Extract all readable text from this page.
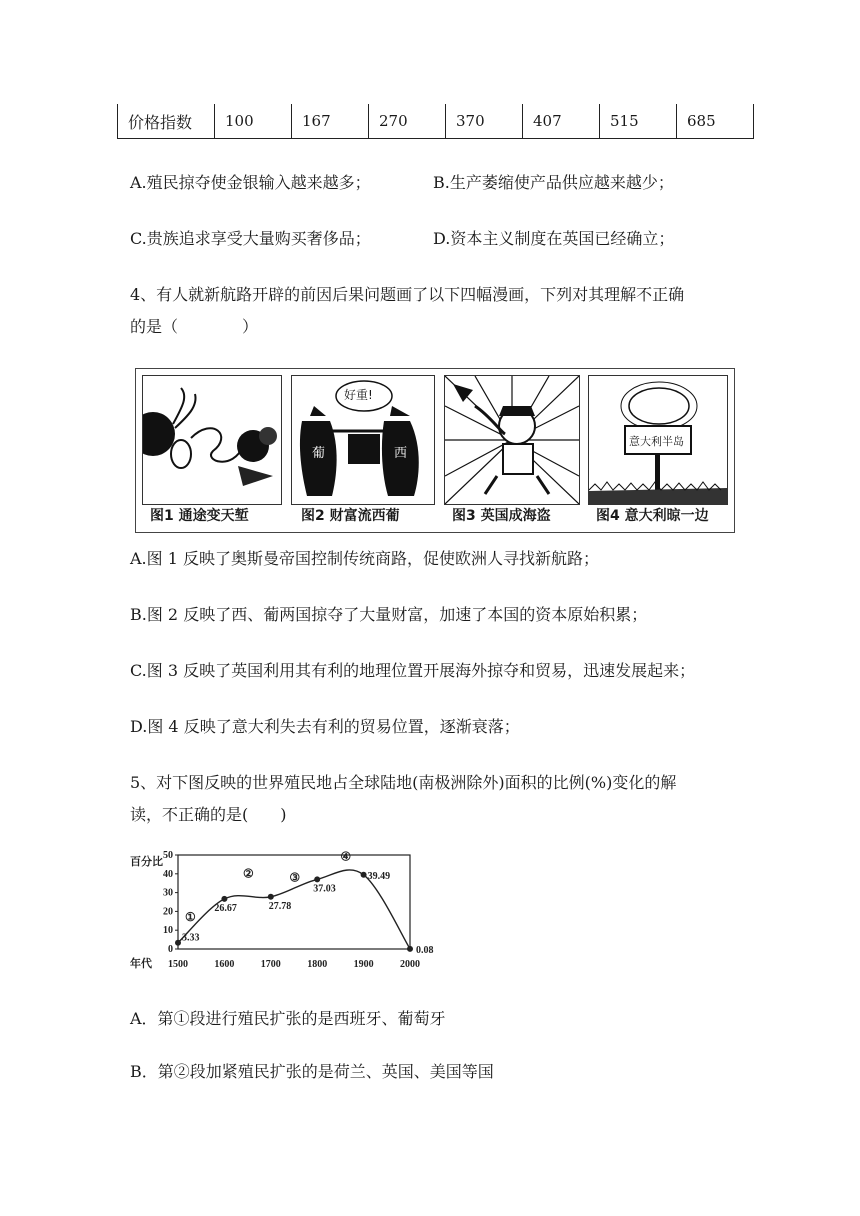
价格指数	100	167	270	370	407	515	685
A.殖民掠夺使金银输入越来越多；	B.生产萎缩使产品供应越来越少；
C.贵族追求享受大量购买奢侈品；	D.资本主义制度在英国已经确立；
4、有人就新航路开辟的前因后果问题画了以下四幅漫画，下列对其理解不正确
的是（　　　　）
图1 通途变天堑
好重!
葡	西
图2 财富流西葡	图3 英国成海盗
意大利半岛
图4 意大利晾一边
A.图 1 反映了奥斯曼帝国控制传统商路，促使欧洲人寻找新航路；
B.图 2 反映了西、葡两国掠夺了大量财富，加速了本国的资本原始积累；
C.图 3 反映了英国利用其有利的地理位置开展海外掠夺和贸易，迅速发展起来；
D.图 4 反映了意大利失去有利的贸易位置，逐渐衰落；
5、对下图反映的世界殖民地占全球陆地(南极洲除外)面积的比例(%)变化的解
读，不正确的是(　　)
0
10
20
30
40
50
1500	1600	1700	1800	1900	2000
百分比
年代
3.33
26.67	27.78
37.03
39.49
0.08
①
②	③
④
A．第①段进行殖民扩张的是西班牙、葡萄牙
B．第②段加紧殖民扩张的是荷兰、英国、美国等国
